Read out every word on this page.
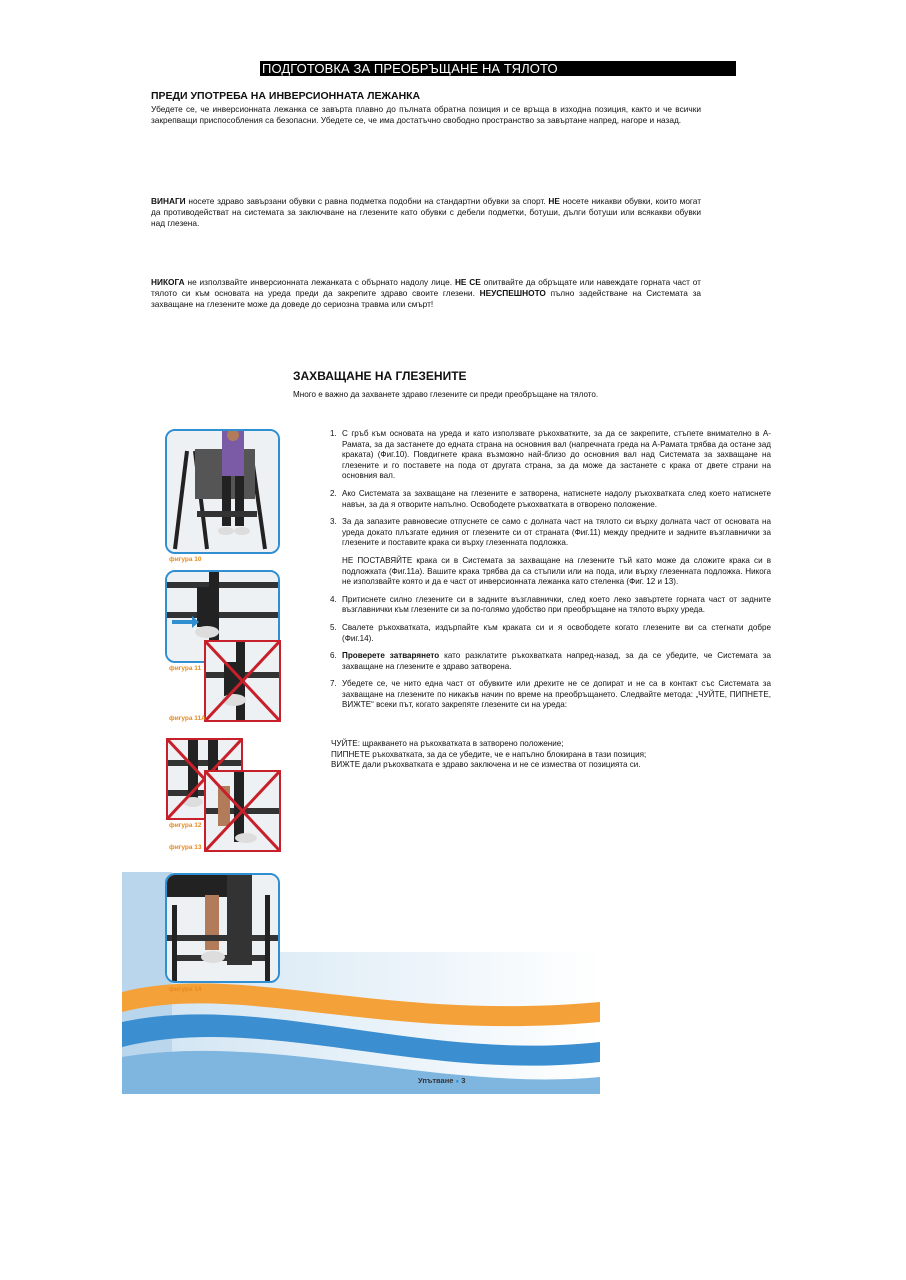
ПОДГОТОВКА ЗА ПРЕОБРЪЩАНЕ НА ТЯЛОТО
ПРЕДИ УПОТРЕБА НА ИНВЕРСИОННАТА ЛЕЖАНКА
Убедете се, че инверсионната лежанка се завърта плавно до пълната обратна позиция и се връща в изходна позиция, както и че всички закрепващи приспособления са безопасни. Убедете се, че има достатъчно свободно пространство за завъртане напред, нагоре и назад.
ВИНАГИ носете здраво завързани обувки с равна подметка подобни на стандартни обувки за спорт. НЕ носете никакви обувки, които могат да противодействат на системата за заключване на глезените като обувки с дебели подметки, ботуши, дълги ботуши или всякакви обувки над глезена.
НИКОГА не използвайте инверсионната лежанката с обърнато надолу лице. НЕ СЕ опитвайте да обръщате или навеждате горната част от тялото си към основата на уреда преди да закрепите здраво своите глезени. НЕУСПЕШНОТО пълно задействане на Системата за захващане на глезените може да доведе до сериозна травма или смърт!
ЗАХВАЩАНЕ НА ГЛЕЗЕНИТЕ
Много е важно да захванете здраво глезените си преди преобръщане на тялото.
1. С гръб към основата на уреда и като използвате ръкохватките, за да се закрепите, стъпете внимателно в А-Рамата, за да застанете до едната страна на основния вал (напречната греда на А-Рамата трябва да остане зад краката) (Фиг.10). Повдигнете крака възможно най-близо до основния вал над Системата за захващане на глезените и го поставете на пода от другата страна, за да може да застанете с крака от двете страни на основния вал.
2. Ако Системата за захващане на глезените е затворена, натиснете надолу ръкохватката след което натиснете навън, за да я отворите напълно. Освободете ръкохватката в отворено положение.
3. За да запазите равновесие отпуснете се само с долната част на тялото си върху долната част от основата на уреда докато плъзгате единия от глезените си от страната (Фиг.11) между предните и задните възглавнички за глезените и поставите крака си върху глезенната подложка.
НЕ ПОСТАВЯЙТЕ крака си в Системата за захващане на глезените тъй като може да сложите крака си в подложката (Фиг.11а). Вашите крака трябва да са стъпили или на пода, или върху глезенната подложка. Никога не използвайте която и да е част от инверсионната лежанка като стеленка (Фиг. 12 и 13).
4. Притиснете силно глезените си в задните възглавнички, след което леко завъртете горната част от задните възглавнички към глезените си за по-голямо удобство при преобръщане на тялото върху уреда.
5. Свалете ръкохватката, издърпайте към краката си и я освободете когато глезените ви са стегнати добре (Фиг.14).
6. Проверете затварянето като разклатите ръкохватката напред-назад, за да се убедите, че Системата за захващане на глезените е здраво затворена.
7. Убедете се, че нито една част от обувките или дрехите не се допират и не са в контакт със Системата за захващане на глезените по никакъв начин по време на преобръщането. Следвайте метода: „ЧУЙТЕ, ПИПНЕТЕ, ВИЖТЕ“ всеки път, когато закрепяте глезените си на уреда:
ЧУЙТЕ: щракването на ръкохватката в затворено положение;
ПИПНЕТЕ ръкохватката, за да се убедите, че е напълно блокирана в тази позиция;
ВИЖТЕ дали ръкохватката е здраво заключена и не се измества от позицията си.
фигура 10
фигура 11
фигура 11А
фигура 12
фигура 13
фигура 14
Упътване ● 3
